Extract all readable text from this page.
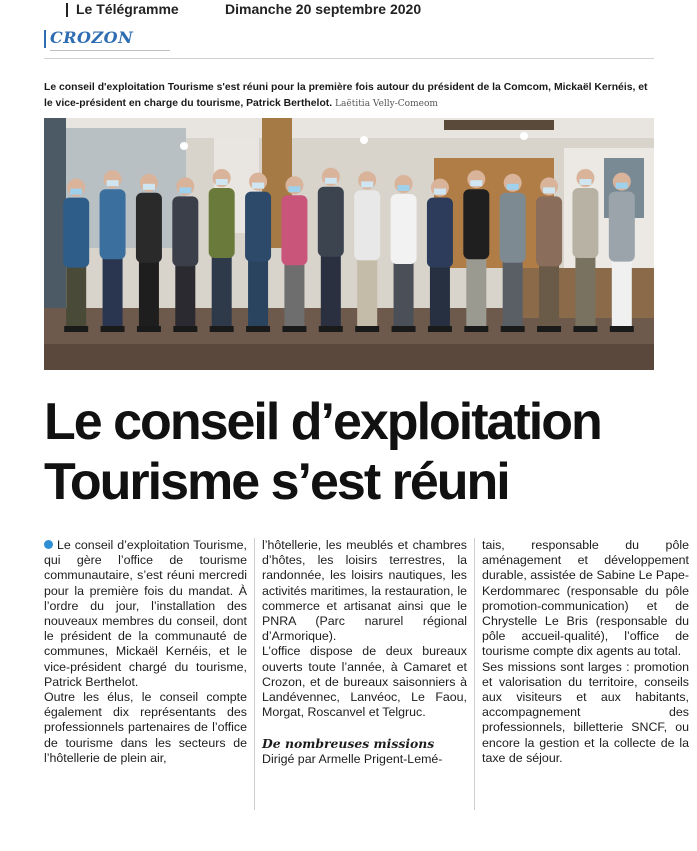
Le Télégramme	Dimanche 20 septembre 2020
CROZON
Le conseil d'exploitation Tourisme s'est réuni pour la première fois autour du président de la Comcom, Mickaël Kernéis, et le vice-président en charge du tourisme, Patrick Berthelot. Laëtitia Velly-Comeom
Le conseil d’exploitation
Tourisme s’est réuni

Le conseil d’exploitation Tourisme, qui gère l’office de tourisme communautaire, s’est réuni mercredi pour la première fois du mandat. À l’ordre du jour, l’installation des nouveaux membres du conseil, dont le président de la communauté de communes, Mickaël Kernéis, et le vice-président chargé du tourisme, Patrick Berthelot.

Outre les élus, le conseil compte également dix représentants des professionnels partenaires de l’office de tourisme dans les secteurs de l’hôtellerie de plein air,

l’hôtellerie, les meublés et chambres d’hôtes, les loisirs terrestres, la randonnée, les loisirs nautiques, les activités maritimes, la restauration, le commerce et artisanat ainsi que le PNRA (Parc narurel régional d’Armorique).

L’office dispose de deux bureaux ouverts toute l’année, à Camaret et Crozon, et de bureaux saisonniers à Landévennec, Lanvéoc, Le Faou, Morgat, Roscanvel et Telgruc.

De nombreuses missions

Dirigé par Armelle Prigent-Lemé-

tais, responsable du pôle aménagement et développement durable, assistée de Sabine Le Pape-Kerdommarec (responsable du pôle promotion-communication) et de Chrystelle Le Bris (responsable du pôle accueil-qualité), l’office de tourisme compte dix agents au total.

Ses missions sont larges : promotion et valorisation du territoire, conseils aux visiteurs et aux habitants, accompagnement des professionnels, billetterie SNCF, ou encore la gestion et la collecte de la taxe de séjour.
